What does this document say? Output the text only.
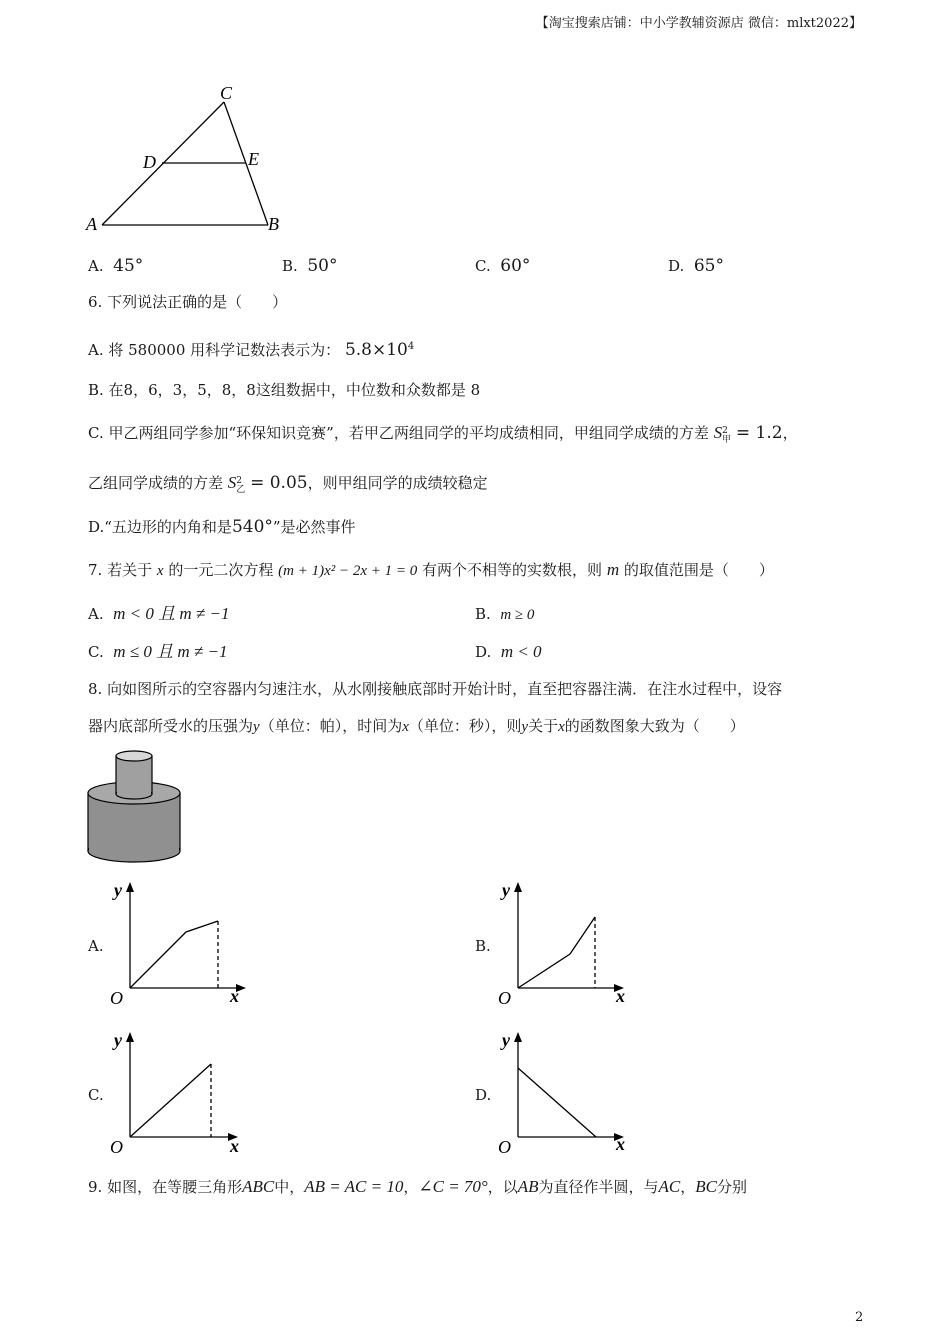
【淘宝搜索店铺：中小学教辅资源店 微信：mlxt2022】
C
D	E
A	B
A. 45°	B. 50°	C. 60°	D. 65°
6. 下列说法正确的是（　　）
A. 将 580000 用科学记数法表示为： $5.8\times 10^4$
B. 在8，6，3，5，8，8这组数据中，中位数和众数都是 8
C. 甲乙两组同学参加“环保知识竞赛”，若甲乙两组同学的平均成绩相同，甲组同学成绩的方差 S 2
甲 = 1.2，
乙组同学成绩的方差 S 2
乙 = 0.05，则甲组同学的成绩较稳定
D.“五边形的内角和是540°”是必然事件
7. 若关于 x 的一元二次方程 (m + 1)x² − 2x + 1 = 0 有两个不相等的实数根，则 m 的取值范围是（　　）
A. m < 0 且 m ≠ −1	B. m ≥ 0
C. m ≤ 0 且 m ≠ −1	D. m < 0
8. 向如图所示的空容器内匀速注水，从水刚接触底部时开始计时，直至把容器注满．在注水过程中，设容
器内底部所受水的压强为y（单位：帕），时间为x（单位：秒），则y关于x的函数图象大致为（　　）
A.
y
x
O
B.
y
x
O
C.
y
x
O
D.
y
x
O
9. 如图，在等腰三角形ABC中，AB = AC = 10，∠C = 70°，以AB为直径作半圆，与AC，BC分别
2
